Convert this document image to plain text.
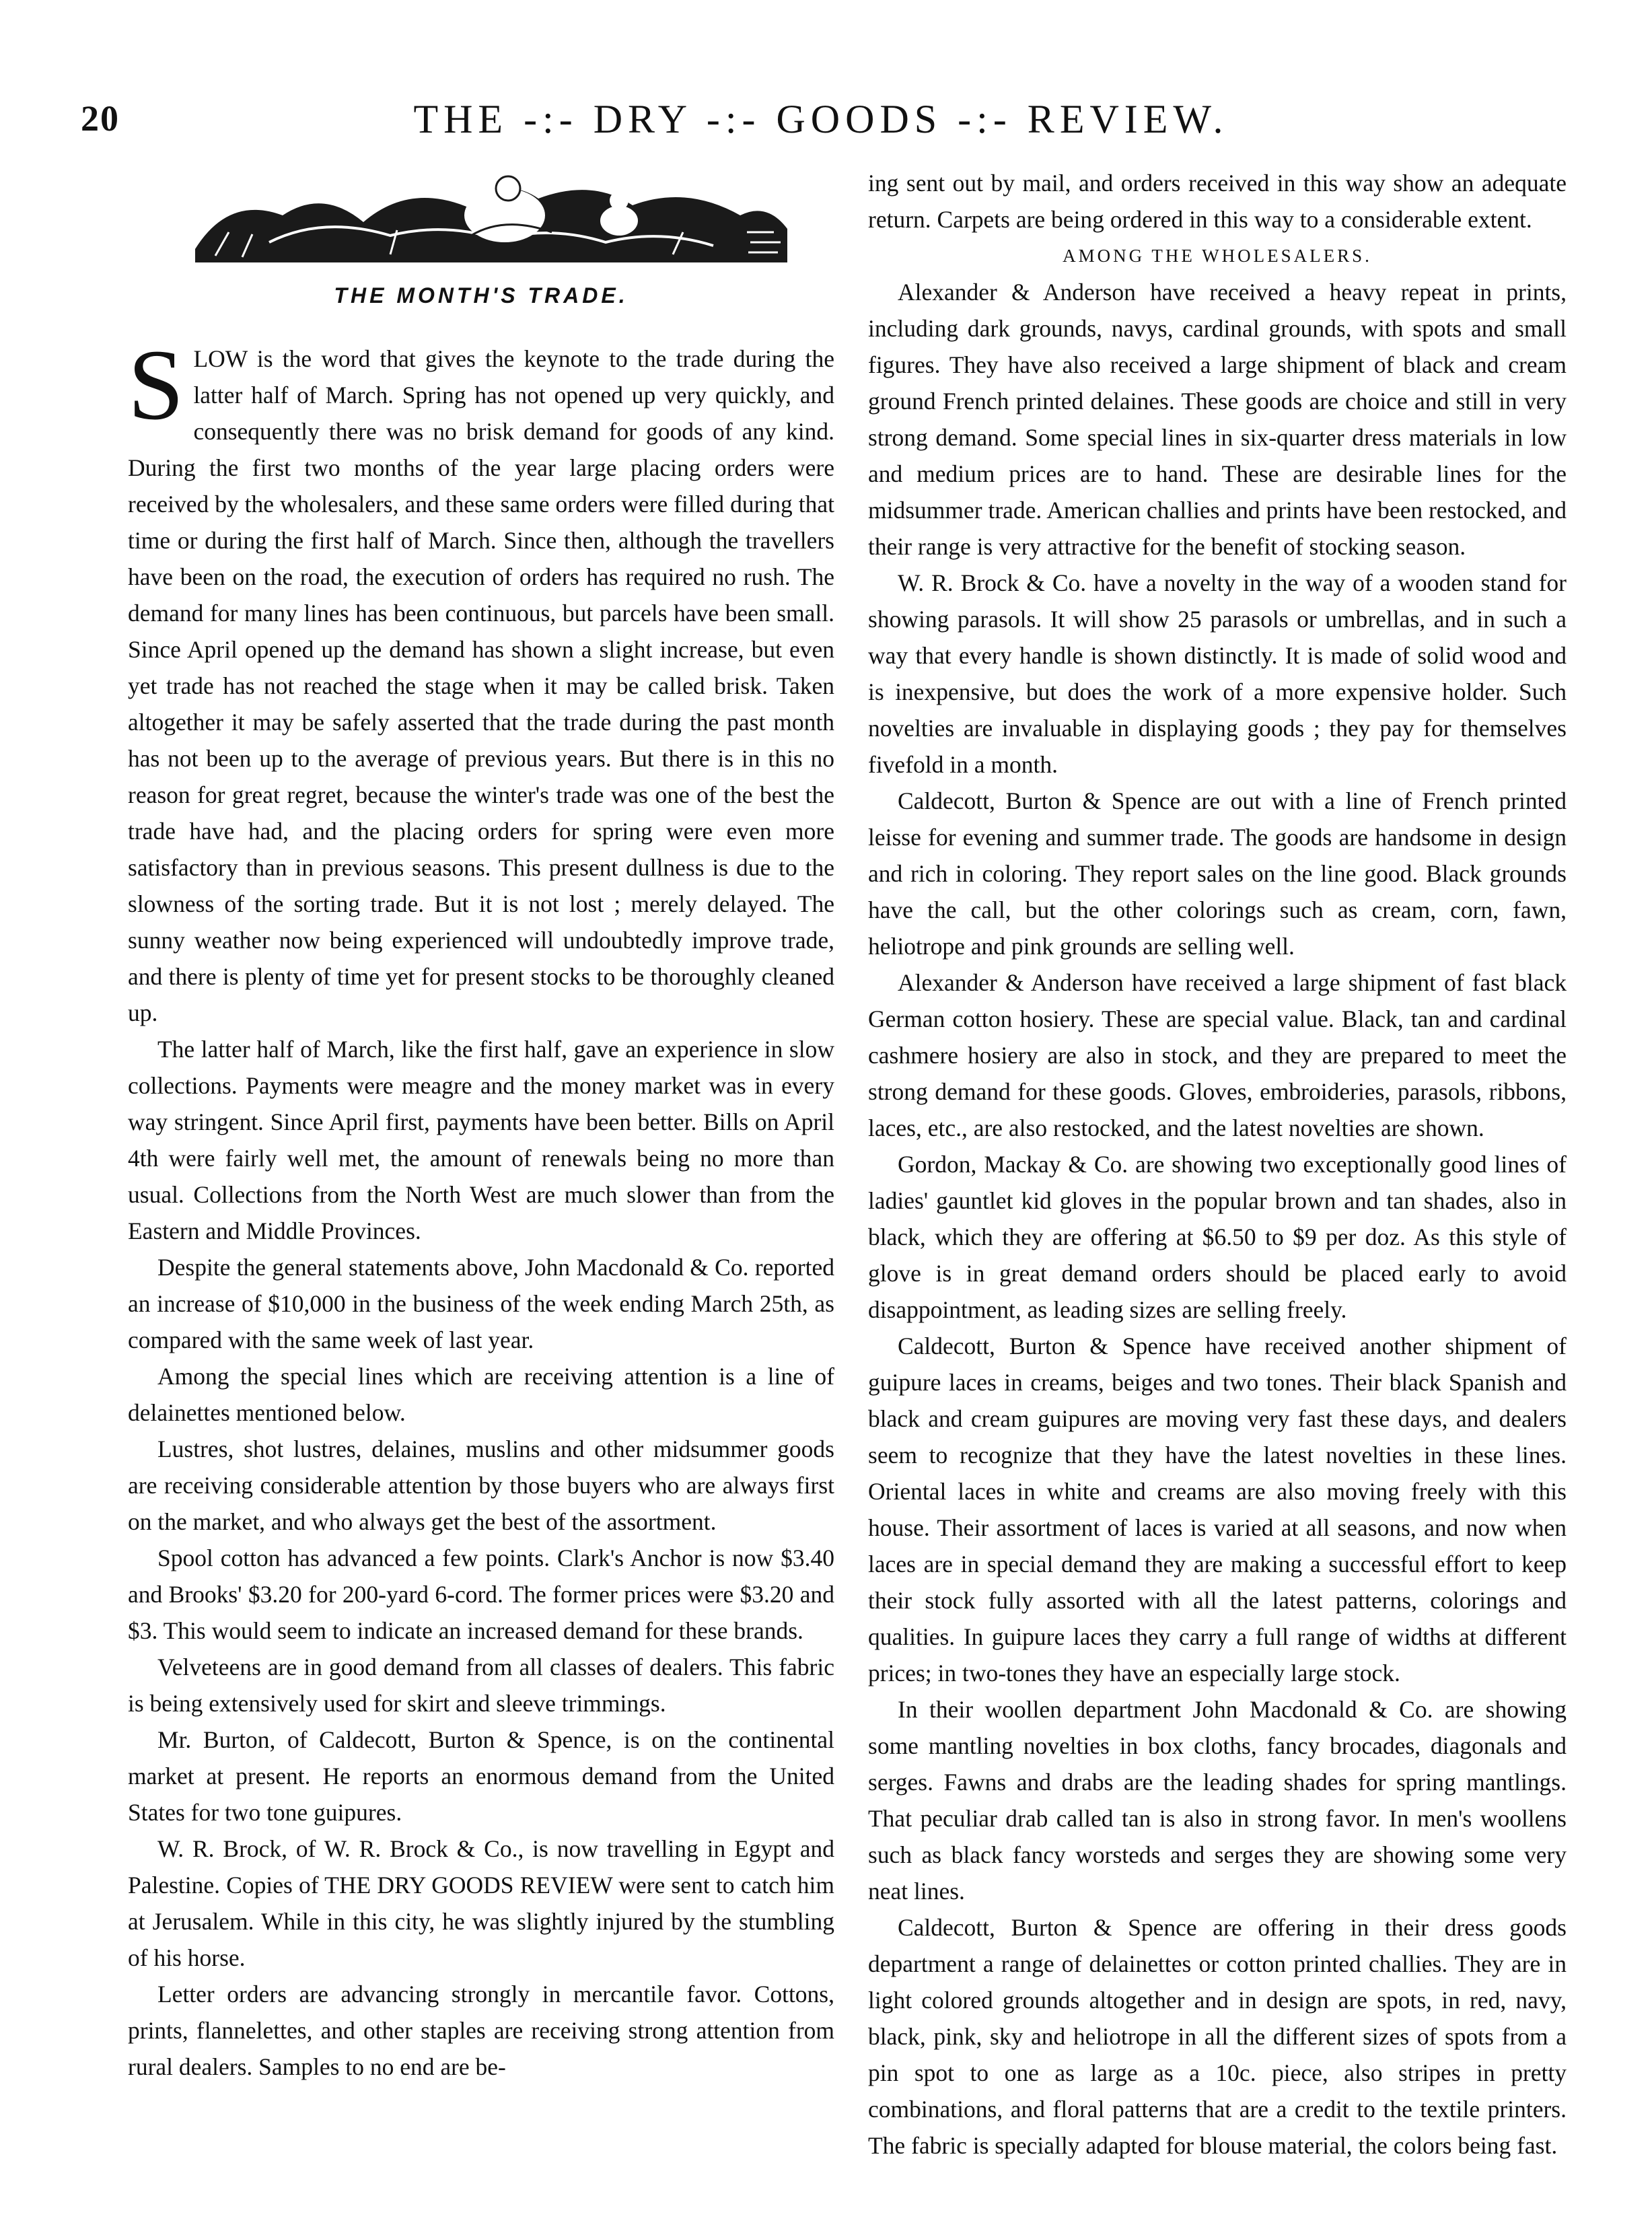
20	THE -:- DRY -:- GOODS -:- REVIEW.
THE MONTH'S TRADE.

SLOW is the word that gives the keynote to the trade during the latter half of March. Spring has not opened up very quickly, and consequently there was no brisk demand for goods of any kind. During the first two months of the year large placing orders were received by the wholesalers, and these same orders were filled during that time or during the first half of March. Since then, although the travellers have been on the road, the execution of orders has required no rush. The demand for many lines has been continuous, but parcels have been small. Since April opened up the demand has shown a slight increase, but even yet trade has not reached the stage when it may be called brisk. Taken altogether it may be safely asserted that the trade during the past month has not been up to the average of previous years. But there is in this no reason for great regret, because the winter's trade was one of the best the trade have had, and the placing orders for spring were even more satisfactory than in previous seasons. This present dullness is due to the slowness of the sorting trade. But it is not lost ; merely delayed. The sunny weather now being experienced will undoubtedly improve trade, and there is plenty of time yet for present stocks to be thoroughly cleaned up.

The latter half of March, like the first half, gave an experience in slow collections. Payments were meagre and the money market was in every way stringent. Since April first, payments have been better. Bills on April 4th were fairly well met, the amount of renewals being no more than usual. Collections from the North West are much slower than from the Eastern and Middle Provinces.

Despite the general statements above, John Macdonald & Co. reported an increase of $10,000 in the business of the week ending March 25th, as compared with the same week of last year.

Among the special lines which are receiving attention is a line of delainettes mentioned below.

Lustres, shot lustres, delaines, muslins and other midsummer goods are receiving considerable attention by those buyers who are always first on the market, and who always get the best of the assortment.

Spool cotton has advanced a few points. Clark's Anchor is now $3.40 and Brooks' $3.20 for 200-yard 6-cord. The former prices were $3.20 and $3. This would seem to indicate an increased demand for these brands.

Velveteens are in good demand from all classes of dealers. This fabric is being extensively used for skirt and sleeve trimmings.

Mr. Burton, of Caldecott, Burton & Spence, is on the continental market at present. He reports an enormous demand from the United States for two tone guipures.

W. R. Brock, of W. R. Brock & Co., is now travelling in Egypt and Palestine. Copies of THE DRY GOODS REVIEW were sent to catch him at Jerusalem. While in this city, he was slightly injured by the stumbling of his horse.

Letter orders are advancing strongly in mercantile favor. Cottons, prints, flannelettes, and other staples are receiving strong attention from rural dealers. Samples to no end are be-

ing sent out by mail, and orders received in this way show an adequate return. Carpets are being ordered in this way to a considerable extent.

AMONG THE WHOLESALERS.

Alexander & Anderson have received a heavy repeat in prints, including dark grounds, navys, cardinal grounds, with spots and small figures. They have also received a large shipment of black and cream ground French printed delaines. These goods are choice and still in very strong demand. Some special lines in six-quarter dress materials in low and medium prices are to hand. These are desirable lines for the midsummer trade. American challies and prints have been restocked, and their range is very attractive for the benefit of stocking season.

W. R. Brock & Co. have a novelty in the way of a wooden stand for showing parasols. It will show 25 parasols or umbrellas, and in such a way that every handle is shown distinctly. It is made of solid wood and is inexpensive, but does the work of a more expensive holder. Such novelties are invaluable in displaying goods ; they pay for themselves fivefold in a month.

Caldecott, Burton & Spence are out with a line of French printed leisse for evening and summer trade. The goods are handsome in design and rich in coloring. They report sales on the line good. Black grounds have the call, but the other colorings such as cream, corn, fawn, heliotrope and pink grounds are selling well.

Alexander & Anderson have received a large shipment of fast black German cotton hosiery. These are special value. Black, tan and cardinal cashmere hosiery are also in stock, and they are prepared to meet the strong demand for these goods. Gloves, embroideries, parasols, ribbons, laces, etc., are also restocked, and the latest novelties are shown.

Gordon, Mackay & Co. are showing two exceptionally good lines of ladies' gauntlet kid gloves in the popular brown and tan shades, also in black, which they are offering at $6.50 to $9 per doz. As this style of glove is in great demand orders should be placed early to avoid disappointment, as leading sizes are selling freely.

Caldecott, Burton & Spence have received another shipment of guipure laces in creams, beiges and two tones. Their black Spanish and black and cream guipures are moving very fast these days, and dealers seem to recognize that they have the latest novelties in these lines. Oriental laces in white and creams are also moving freely with this house. Their assortment of laces is varied at all seasons, and now when laces are in special demand they are making a successful effort to keep their stock fully assorted with all the latest patterns, colorings and qualities. In guipure laces they carry a full range of widths at different prices; in two-tones they have an especially large stock.

In their woollen department John Macdonald & Co. are showing some mantling novelties in box cloths, fancy brocades, diagonals and serges. Fawns and drabs are the leading shades for spring mantlings. That peculiar drab called tan is also in strong favor. In men's woollens such as black fancy worsteds and serges they are showing some very neat lines.

Caldecott, Burton & Spence are offering in their dress goods department a range of delainettes or cotton printed challies. They are in light colored grounds altogether and in design are spots, in red, navy, black, pink, sky and heliotrope in all the different sizes of spots from a pin spot to one as large as a 10c. piece, also stripes in pretty combinations, and floral patterns that are a credit to the textile printers. The fabric is specially adapted for blouse material, the colors being fast.
